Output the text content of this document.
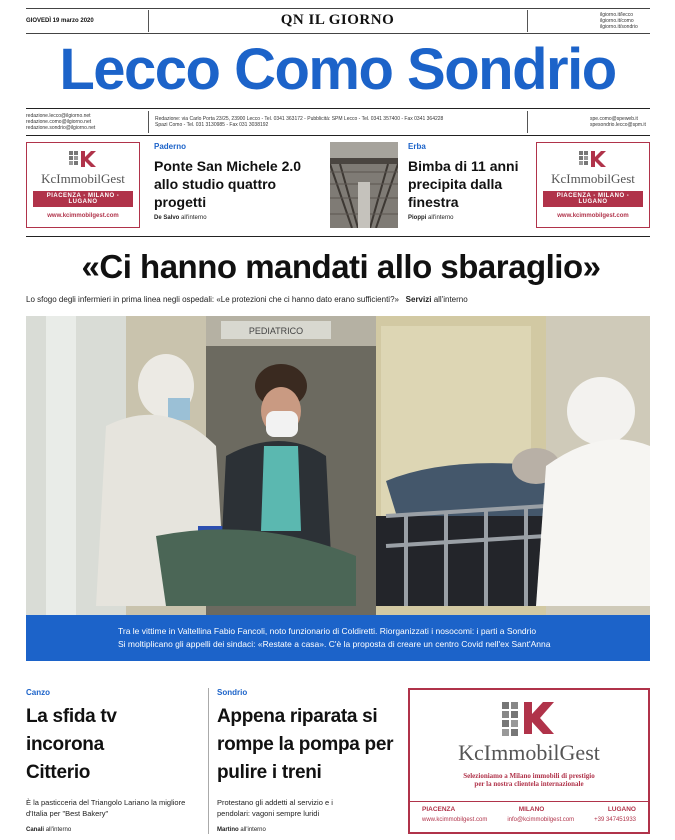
GIOVEDÌ 19 marzo 2020	QN IL GIORNO	ilgiorno.it/lecco
ilgiorno.it/como
ilgiorno.it/sondrio
Lecco Como Sondrio
redazione.lecco@ilgiorno.net
redazione.como@ilgiorno.net
redazione.sondrio@ilgiorno.net
Redazione: via Carlo Porta 23/25, 23900 Lecco - Tel. 0341 363172 - Pubblicità: SPM Lecco - Tel. 0341 357400 - Fax 0341 364228
Spazi Como - Tel. 031 3130985 - Fax 031 3038192
spe.como@speweb.it
spesondrio.lecco@spm.it
KcImmobilGest
PIACENZA - MILANO - LUGANO
www.kcimmobilgest.com
Paderno
Ponte San Michele 2.0 allo studio quattro progetti
De Salvo all'interno
Erba
Bimba di 11 anni precipita dalla finestra
Pioppi all'interno
KcImmobilGest
PIACENZA - MILANO - LUGANO
www.kcimmobilgest.com
«Ci hanno mandati allo sbaraglio»
Lo sfogo degli infermieri in prima linea negli ospedali: «Le protezioni che ci hanno dato erano sufficienti?» Servizi all'interno
PEDIATRICO
Tra le vittime in Valtellina Fabio Fancoli, noto funzionario di Coldiretti. Riorganizzati i nosocomi: i parti a Sondrio
Si moltiplicano gli appelli dei sindaci: «Restate a casa». C'è la proposta di creare un centro Covid nell'ex Sant'Anna
Canzo
La sfida tv incorona Citterio
È la pasticceria del Triangolo Lariano la migliore d'Italia per "Best Bakery"
Canali all'interno
Sondrio
Appena riparata si rompe la pompa per pulire i treni
Protestano gli addetti al servizio e i pendolari: vagoni sempre luridi
Martino all'interno
KcImmobilGest
Selezioniamo a Milano immobili di prestigio
per la nostra clientela internazionale
PIACENZA	MILANO	LUGANO
www.kcimmobilgest.com	info@kcimmobilgest.com	+39 347451933
